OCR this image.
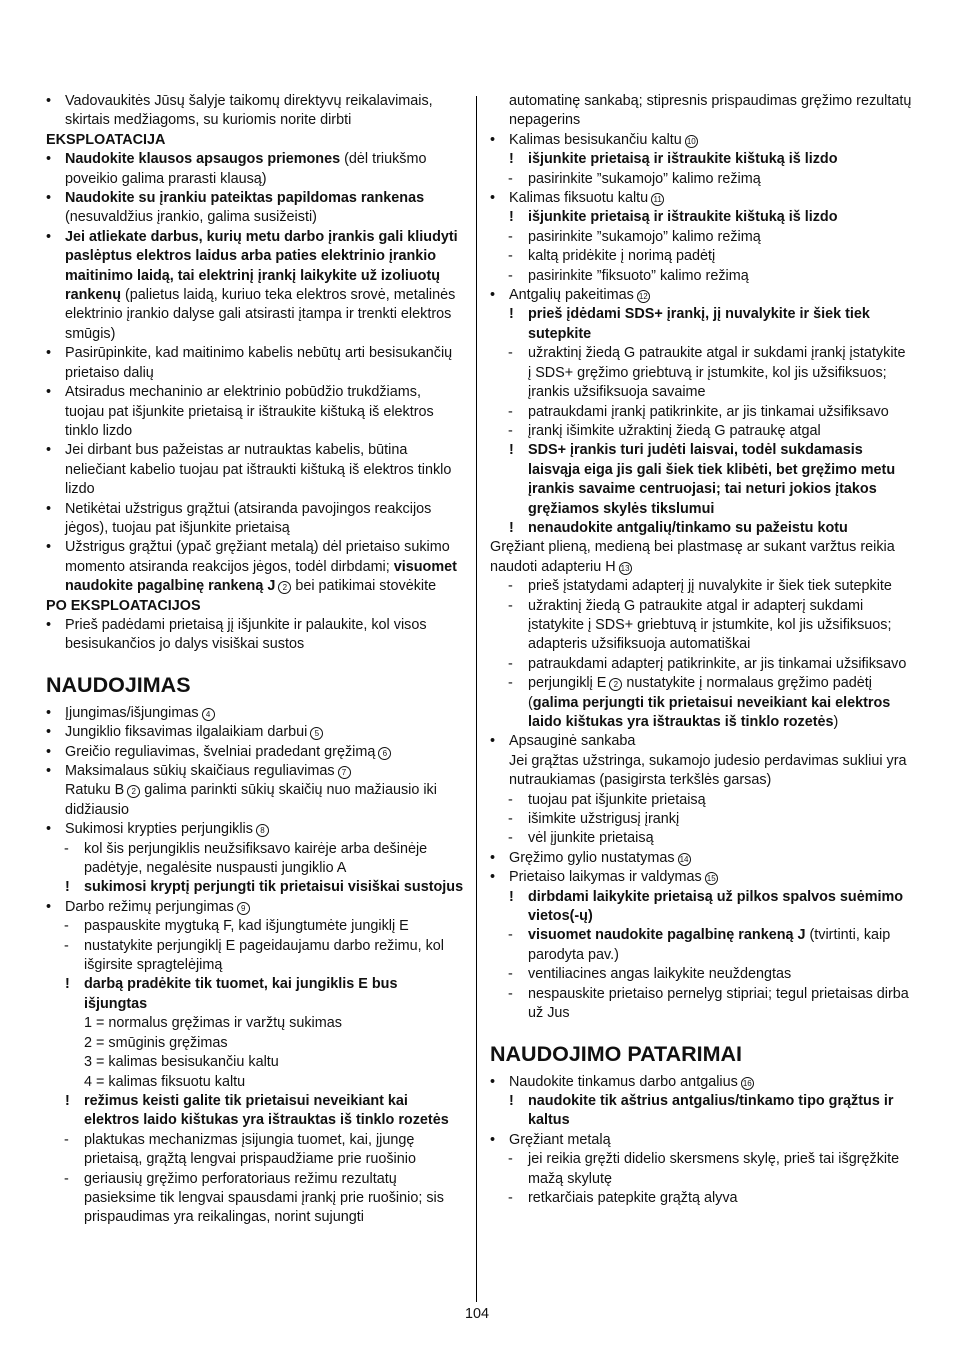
• Vadovaukitės Jūsų šalyje taikomų direktyvų reikalavimais, skirtais medžiagoms, su kuriomis norite dirbti
EKSPLOATACIJA
• Naudokite klausos apsaugos priemones (dėl triukšmo poveikio galima prarasti klausą)
• Naudokite su įrankiu pateiktas papildomas rankenas (nesuvaldžius įrankio, galima susižeisti)
• Jei atliekate darbus, kurių metu darbo įrankis gali kliudyti paslėptus elektros laidus arba paties elektrinio įrankio maitinimo laidą, tai elektrinį įrankį laikykite už izoliuotų rankenų (palietus laidą, kuriuo teka elektros srovė, metalinės elektrinio įrankio dalyse gali atsirasti įtampa ir trenkti elektros smūgis)
• Pasirūpinkite, kad maitinimo kabelis nebūtų arti besisukančių prietaiso dalių
• Atsiradus mechaninio ar elektrinio pobūdžio trukdžiams, tuojau pat išjunkite prietaisą ir ištraukite kištuką iš elektros tinklo lizdo
• Jei dirbant bus pažeistas ar nutrauktas kabelis, būtina neliečiant kabelio tuojau pat ištraukti kištuką iš elektros tinklo lizdo
• Netikėtai užstrigus grąžtui (atsiranda pavojingos reakcijos jėgos), tuojau pat išjunkite prietaisą
• Užstrigus grąžtui (ypač gręžiant metalą) dėl prietaiso sukimo momento atsiranda reakcijos jėgos, todėl dirbdami; visuomet naudokite pagalbinę rankeną J 2 bei patikimai stovėkite
PO EKSPLOATACIJOS
• Prieš padėdami prietaisą jį išjunkite ir palaukite, kol visos besisukančios jo dalys visiškai sustos
NAUDOJIMAS
• Įjungimas/išjungimas 4
• Jungiklio fiksavimas ilgalaikiam darbui 5
• Greičio reguliavimas, švelniai pradedant gręžimą 6
• Maksimalaus sūkių skaičiaus reguliavimas 7
Ratuku B 2 galima parinkti sūkių skaičių nuo mažiausio iki didžiausio
• Sukimosi krypties perjungiklis 8
- kol šis perjungiklis neužsifiksavo kairėje arba dešinėje padėtyje, negalėsite nuspausti jungiklio A
! sukimosi kryptį perjungti tik prietaisui visiškai sustojus
• Darbo režimų perjungimas 9
- paspauskite mygtuką F, kad išjungtumėte jungiklį E
- nustatykite perjungiklį E pageidaujamu darbo režimu, kol išgirsite spragtelėjimą
! darbą pradėkite tik tuomet, kai jungiklis E bus išjungtas
1 = normalus gręžimas ir varžtų sukimas
2 = smūginis gręžimas
3 = kalimas besisukančiu kaltu
4 = kalimas fiksuotu kaltu
! režimus keisti galite tik prietaisui neveikiant kai elektros laido kištukas yra ištrauktas iš tinklo rozetės
- plaktukas mechanizmas įsijungia tuomet, kai, įjungę prietaisą, grąžtą lengvai prispaudžiame prie ruošinio
- geriausių gręžimo perforatoriaus režimu rezultatų pasieksime tik lengvai spausdami įrankį prie ruošinio; sis prispaudimas yra reikalingas, norint sujungti
automatinę sankabą; stipresnis prispaudimas gręžimo rezultatų nepagerins
• Kalimas besisukančiu kaltu 10
! išjunkite prietaisą ir ištraukite kištuką iš lizdo
- pasirinkite ”sukamojo” kalimo režimą
• Kalimas fiksuotu kaltu 11
! išjunkite prietaisą ir ištraukite kištuką iš lizdo
- pasirinkite ”sukamojo” kalimo režimą
- kaltą pridėkite į norimą padėtį
- pasirinkite ”fiksuoto” kalimo režimą
• Antgalių pakeitimas 12
! prieš įdėdami SDS+ įrankį, jį nuvalykite ir šiek tiek sutepkite
- užraktinį žiedą G patraukite atgal ir sukdami įrankį įstatykite į SDS+ gręžimo griebtuvą ir įstumkite, kol jis užsifiksuos; įrankis užsifiksuoja savaime
- patraukdami įrankį patikrinkite, ar jis tinkamai užsifiksavo
- įrankį išimkite užraktinį žiedą G patraukę atgal
! SDS+ įrankis turi judėti laisvai, todėl sukdamasis laisvąja eiga jis gali šiek tiek klibėti, bet gręžimo metu įrankis savaime centruojasi; tai neturi jokios įtakos gręžiamos skylės tikslumui
! nenaudokite antgalių/tinkamo su pažeistu kotu
Gręžiant plieną, medieną bei plastmasę ar sukant varžtus reikia naudoti adapteriu H 13
- prieš įstatydami adapterį jį nuvalykite ir šiek tiek sutepkite
- užraktinį žiedą G patraukite atgal ir adapterį sukdami įstatykite į SDS+ griebtuvą ir įstumkite, kol jis užsifiksuos; adapteris užsifiksuoja automatiškai
- patraukdami adapterį patikrinkite, ar jis tinkamai užsifiksavo
- perjungiklį E 2 nustatykite į normalaus gręžimo padėtį (galima perjungti tik prietaisui neveikiant kai elektros laido kištukas yra ištrauktas iš tinklo rozetės)
• Apsauginė sankaba
Jei grąžtas užstringa, sukamojo judesio perdavimas sukliui yra nutraukiamas (pasigirsta terkšlės garsas)
- tuojau pat išjunkite prietaisą
- išimkite užstrigusį įrankį
- vėl įjunkite prietaisą
• Gręžimo gylio nustatymas 14
• Prietaiso laikymas ir valdymas 15
! dirbdami laikykite prietaisą už pilkos spalvos suėmimo vietos(-ų)
- visuomet naudokite pagalbinę rankeną J (tvirtinti, kaip parodyta pav.)
- ventiliacines angas laikykite neuždengtas
- nespauskite prietaiso pernelyg stipriai; tegul prietaisas dirba už Jus
NAUDOJIMO PATARIMAI
• Naudokite tinkamus darbo antgalius 16
! naudokite tik aštrius antgalius/tinkamo tipo grąžtus ir kaltus
• Gręžiant metalą
- jei reikia gręžti didelio skersmens skylę, prieš tai išgręžkite mažą skylutę
- retkarčiais patepkite grąžtą alyva
104
